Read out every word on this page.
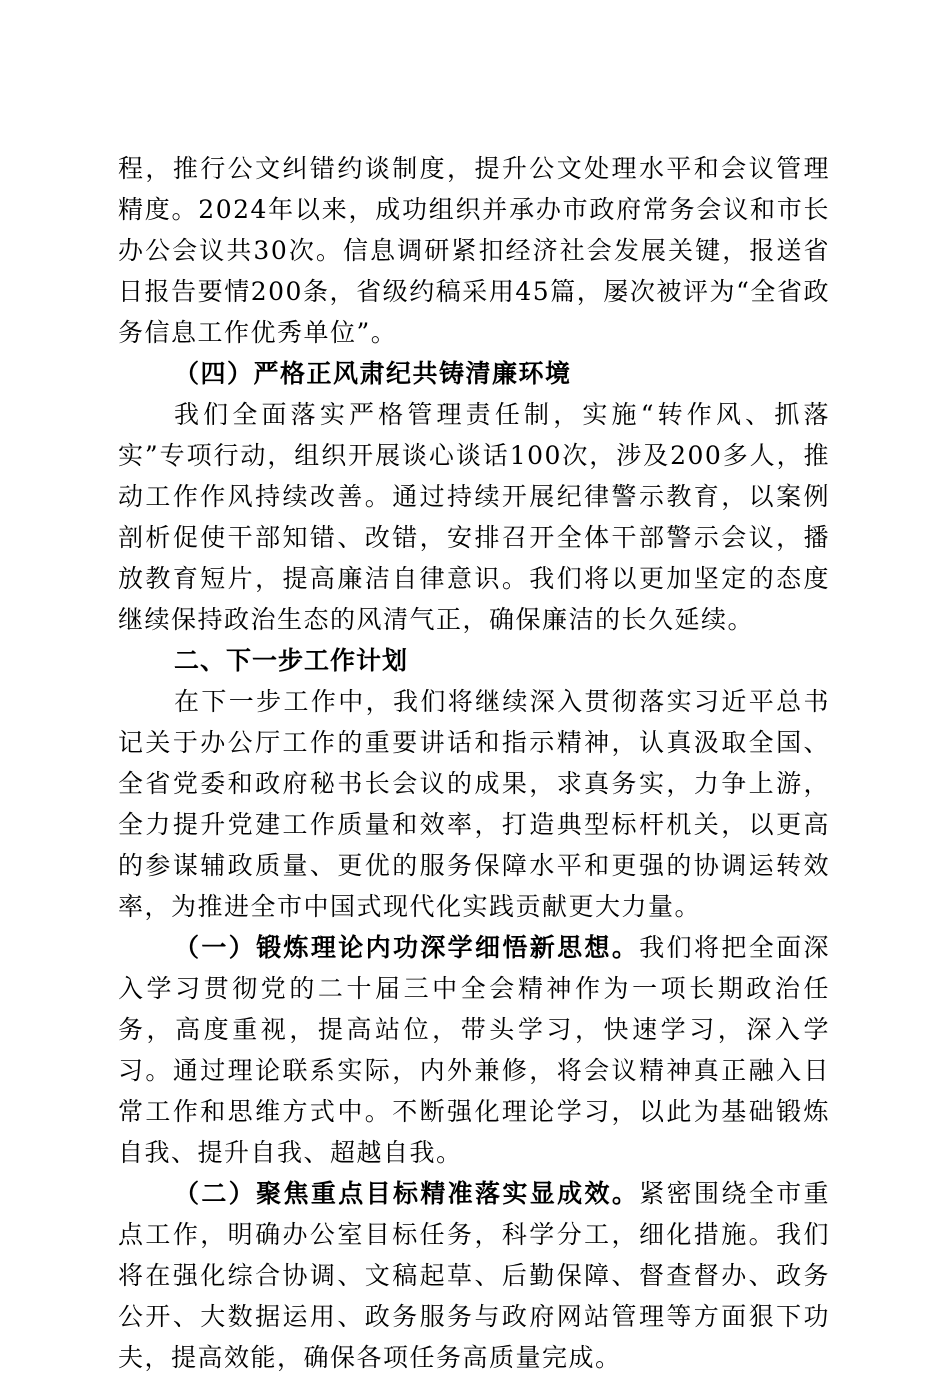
程，推行公文纠错约谈制度，提升公文处理水平和会议管理精度。2024年以来，成功组织并承办市政府常务会议和市长办公会议共30次。信息调研紧扣经济社会发展关键，报送省日报告要情200条，省级约稿采用45篇，屡次被评为“全省政务信息工作优秀单位”。

（四）严格正风肃纪共铸清廉环境

我们全面落实严格管理责任制，实施“转作风、抓落实”专项行动，组织开展谈心谈话100次，涉及200多人，推动工作作风持续改善。通过持续开展纪律警示教育，以案例剖析促使干部知错、改错，安排召开全体干部警示会议，播放教育短片，提高廉洁自律意识。我们将以更加坚定的态度继续保持政治生态的风清气正，确保廉洁的长久延续。

二、下一步工作计划

在下一步工作中，我们将继续深入贯彻落实习近平总书记关于办公厅工作的重要讲话和指示精神，认真汲取全国、全省党委和政府秘书长会议的成果，求真务实，力争上游，全力提升党建工作质量和效率，打造典型标杆机关，以更高的参谋辅政质量、更优的服务保障水平和更强的协调运转效率，为推进全市中国式现代化实践贡献更大力量。

（一）锻炼理论内功深学细悟新思想。我们将把全面深入学习贯彻党的二十届三中全会精神作为一项长期政治任务，高度重视，提高站位，带头学习，快速学习，深入学习。通过理论联系实际，内外兼修，将会议精神真正融入日常工作和思维方式中。不断强化理论学习，以此为基础锻炼自我、提升自我、超越自我。

（二）聚焦重点目标精准落实显成效。紧密围绕全市重点工作，明确办公室目标任务，科学分工，细化措施。我们将在强化综合协调、文稿起草、后勤保障、督查督办、政务公开、大数据运用、政务服务与政府网站管理等方面狠下功夫，提高效能，确保各项任务高质量完成。
